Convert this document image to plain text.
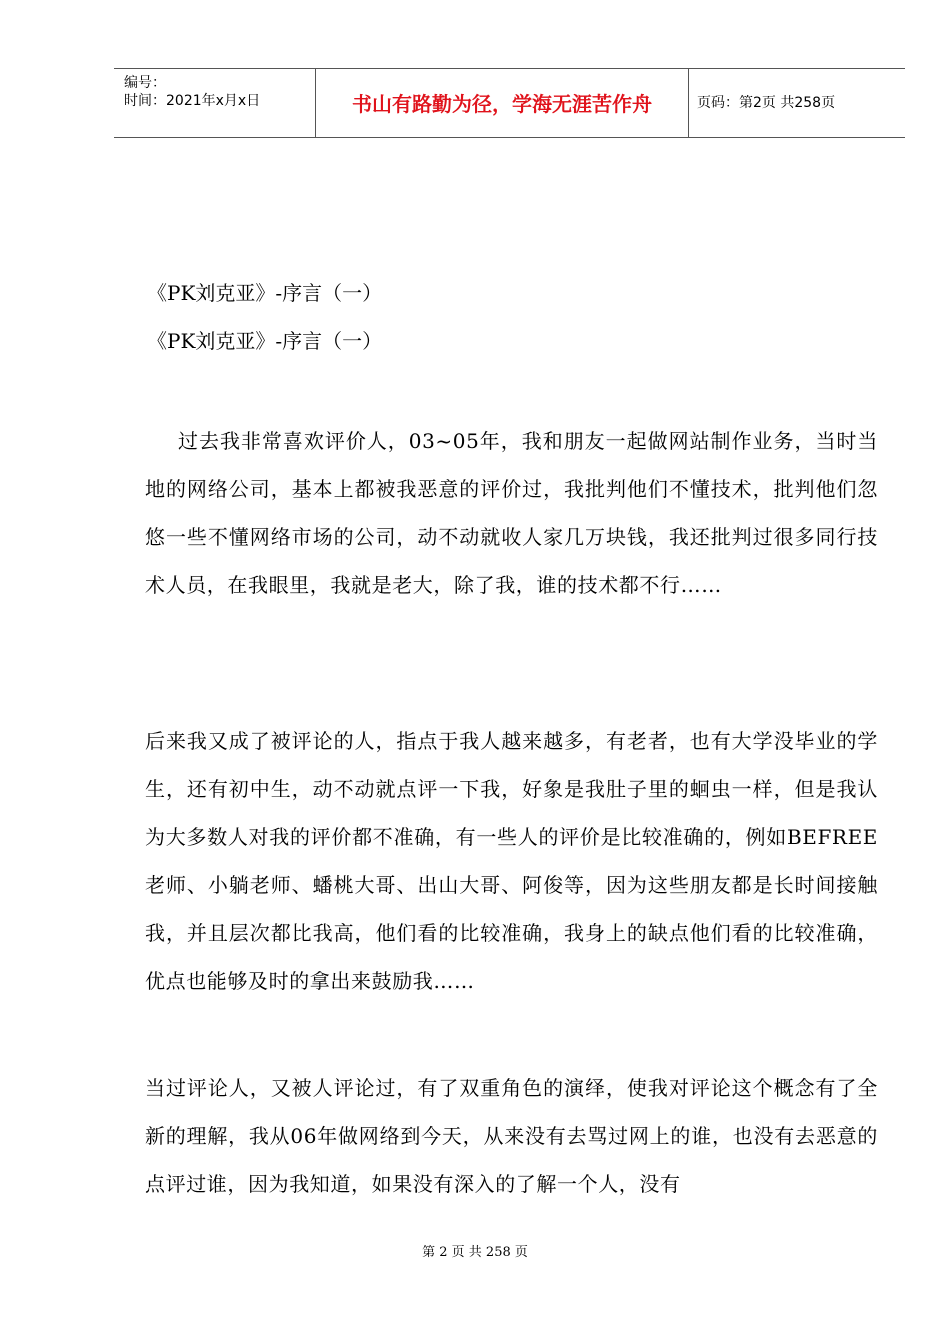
编号：
时间：2021年x月x日	书山有路勤为径，学海无涯苦作舟	页码：第2页 共258页
《PK刘克亚》-序言（一）
《PK刘克亚》-序言（一）

过去我非常喜欢评价人，03~05年，我和朋友一起做网站制作业务，当时当地的网络公司，基本上都被我恶意的评价过，我批判他们不懂技术，批判他们忽悠一些不懂网络市场的公司，动不动就收人家几万块钱，我还批判过很多同行技术人员，在我眼里，我就是老大，除了我，谁的技术都不行……

后来我又成了被评论的人，指点于我人越来越多，有老者，也有大学没毕业的学生，还有初中生，动不动就点评一下我，好象是我肚子里的蛔虫一样，但是我认为大多数人对我的评价都不准确，有一些人的评价是比较准确的，例如BEFREE老师、小躺老师、蟠桃大哥、出山大哥、阿俊等，因为这些朋友都是长时间接触我，并且层次都比我高，他们看的比较准确，我身上的缺点他们看的比较准确，优点也能够及时的拿出来鼓励我……

当过评论人，又被人评论过，有了双重角色的演绎，使我对评论这个概念有了全新的理解，我从06年做网络到今天，从来没有去骂过网上的谁，也没有去恶意的点评过谁，因为我知道，如果没有深入的了解一个人，没有

第 2 页 共 258 页
